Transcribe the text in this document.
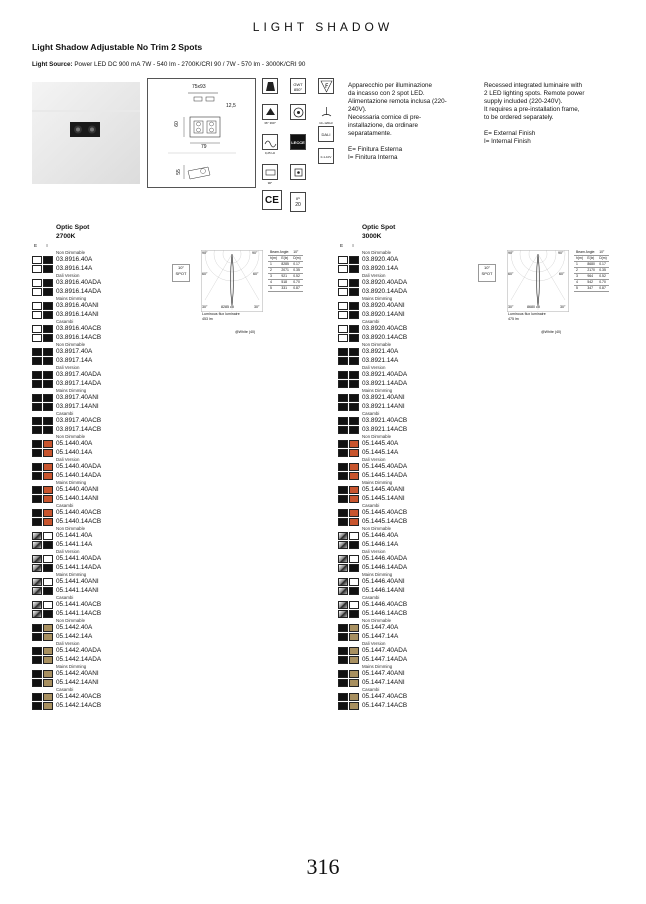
LIGHT SHADOW
Light Shadow Adjustable No Trim 2 Spots
Light Source: Power LED DC 900 mA 7W - 540 lm - 2700K/CRI 90 / 7W - 570 lm - 3000K/CRI 90
75x93
12,5
60
79
55
GWT 850°	F
36° 360°	10~120Hz
DALI
0,25 Hz
LECCE
0-1-10V
90°
CE	IP
20

Apparecchio per illuminazione

da incasso con 2 spot LED.

Alimentazione remota inclusa (220-

240V).

Necessaria cornice di pre-

installazione, da ordinare

separatamente.

E= Finitura Esterna

I= Finitura Interna

Recessed integrated luminaire with

2 LED lighting spots. Remote power

supply included (220-240V).

It requires a pre-installation frame,

to be ordered separately.

E= External Finish

I= Internal Finish

Optic Spot
2700K
E I
10°
SPOT
90°	90°
60°	60°
30°	30°
8285 cd
Luminous flux luminaire
453 lm
@White (40)
Beam Angle:		10°
h(m)	E(lx)	D(m)
1	8285	0.17
2	2071	0.35
3	921	0.52
4	518	0.70
5	331	0.87
Non Dimmable
03.8916.40A
03.8916.14A
Dali Version
03.8916.40ADA
03.8916.14ADA
Mains Dimming
03.8916.40ANI
03.8916.14ANI
Casambi
03.8916.40ACB
03.8916.14ACB
Non Dimmable
03.8917.40A
03.8917.14A
Dali Version
03.8917.40ADA
03.8917.14ADA
Mains Dimming
03.8917.40ANI
03.8917.14ANI
Casambi
03.8917.40ACB
03.8917.14ACB
Non Dimmable
05.1440.40A
05.1440.14A
Dali Version
05.1440.40ADA
05.1440.14ADA
Mains Dimming
05.1440.40ANI
05.1440.14ANI
Casambi
05.1440.40ACB
05.1440.14ACB
Non Dimmable
05.1441.40A
05.1441.14A
Dali Version
05.1441.40ADA
05.1441.14ADA
Mains Dimming
05.1441.40ANI
05.1441.14ANI
Casambi
05.1441.40ACB
05.1441.14ACB
Non Dimmable
05.1442.40A
05.1442.14A
Dali Version
05.1442.40ADA
05.1442.14ADA
Mains Dimming
05.1442.40ANI
05.1442.14ANI
Casambi
05.1442.40ACB
05.1442.14ACB
Optic Spot
3000K
E I
10°
SPOT
90°	90°
60°	60°
30°	30°
8680 cd
Luminous flux luminaire
475 lm
@White (40)
Beam Angle:		10°
h(m)	E(lx)	D(m)
1	8680	0.17
2	2170	0.35
3	964	0.52
4	542	0.70
5	347	0.87
Non Dimmable
03.8920.40A
03.8920.14A
Dali Version
03.8920.40ADA
03.8920.14ADA
Mains Dimming
03.8920.40ANI
03.8920.14ANI
Casambi
03.8920.40ACB
03.8920.14ACB
Non Dimmable
03.8921.40A
03.8921.14A
Dali Version
03.8921.40ADA
03.8921.14ADA
Mains Dimming
03.8921.40ANI
03.8921.14ANI
Casambi
03.8921.40ACB
03.8921.14ACB
Non Dimmable
05.1445.40A
05.1445.14A
Dali Version
05.1445.40ADA
05.1445.14ADA
Mains Dimming
05.1445.40ANI
05.1445.14ANI
Casambi
05.1445.40ACB
05.1445.14ACB
Non Dimmable
05.1446.40A
05.1446.14A
Dali Version
05.1446.40ADA
05.1446.14ADA
Mains Dimming
05.1446.40ANI
05.1446.14ANI
Casambi
05.1446.40ACB
05.1446.14ACB
Non Dimmable
05.1447.40A
05.1447.14A
Dali Version
05.1447.40ADA
05.1447.14ADA
Mains Dimming
05.1447.40ANI
05.1447.14ANI
Casambi
05.1447.40ACB
05.1447.14ACB
316
